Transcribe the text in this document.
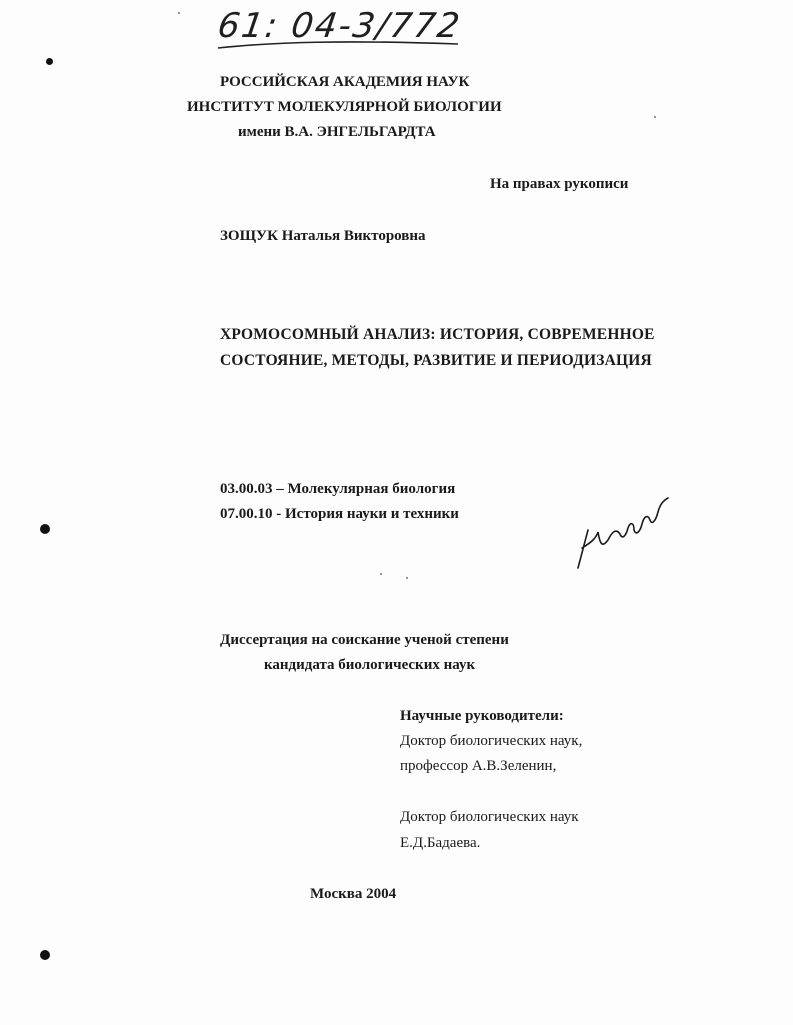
61: 04-3/772
РОССИЙСКАЯ АКАДЕМИЯ НАУК
ИНСТИТУТ МОЛЕКУЛЯРНОЙ БИОЛОГИИ
имени В.А. ЭНГЕЛЬГАРДТА
На правах рукописи
ЗОЩУК Наталья Викторовна
ХРОМОСОМНЫЙ АНАЛИЗ: ИСТОРИЯ, СОВРЕМЕННОЕ
СОСТОЯНИЕ, МЕТОДЫ, РАЗВИТИЕ И ПЕРИОДИЗАЦИЯ
03.00.03 – Молекулярная биология
07.00.10 - История науки и техники
Диссертация на соискание ученой степени
кандидата биологических наук
Научные руководители:
Доктор биологических наук,
профессор А.В.Зеленин,
Доктор биологических наук
Е.Д.Бадаева.
Москва 2004
